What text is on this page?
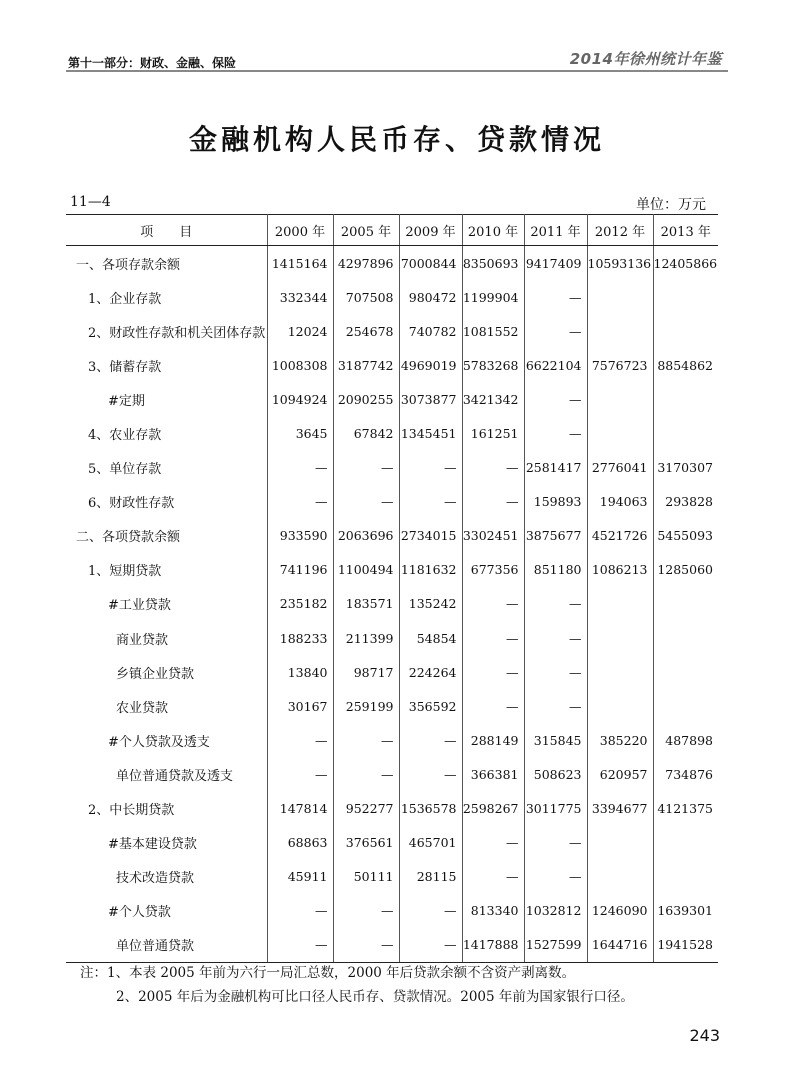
第十一部分：财政、金融、保险	2014年徐州统计年鉴
金融机构人民币存、贷款情况
11—4	单位：万元
项　　目	2000 年	2005 年	2009 年	2010 年	2011 年	2012 年	2013 年
一、各项存款余额	1415164	4297896	7000844	8350693	9417409	10593136	12405866
1、企业存款	332344	707508	980472	1199904	—		
2、财政性存款和机关团体存款	12024	254678	740782	1081552	—		
3、储蓄存款	1008308	3187742	4969019	5783268	6622104	7576723	8854862
#定期	1094924	2090255	3073877	3421342	—		
4、农业存款	3645	67842	1345451	161251	—		
5、单位存款	—	—	—	—	2581417	2776041	3170307
6、财政性存款	—	—	—	—	159893	194063	293828
二、各项贷款余额	933590	2063696	2734015	3302451	3875677	4521726	5455093
1、短期贷款	741196	1100494	1181632	677356	851180	1086213	1285060
#工业贷款	235182	183571	135242	—	—		
商业贷款	188233	211399	54854	—	—		
乡镇企业贷款	13840	98717	224264	—	—		
农业贷款	30167	259199	356592	—	—		
#个人贷款及透支	—	—	—	288149	315845	385220	487898
单位普通贷款及透支	—	—	—	366381	508623	620957	734876
2、中长期贷款	147814	952277	1536578	2598267	3011775	3394677	4121375
#基本建设贷款	68863	376561	465701	—	—		
技术改造贷款	45911	50111	28115	—	—		
#个人贷款	—	—	—	813340	1032812	1246090	1639301
单位普通贷款	—	—	—	1417888	1527599	1644716	1941528
注：1、本表 2005 年前为六行一局汇总数，2000 年后贷款余额不含资产剥离数。
2、2005 年后为金融机构可比口径人民币存、贷款情况。2005 年前为国家银行口径。
243
